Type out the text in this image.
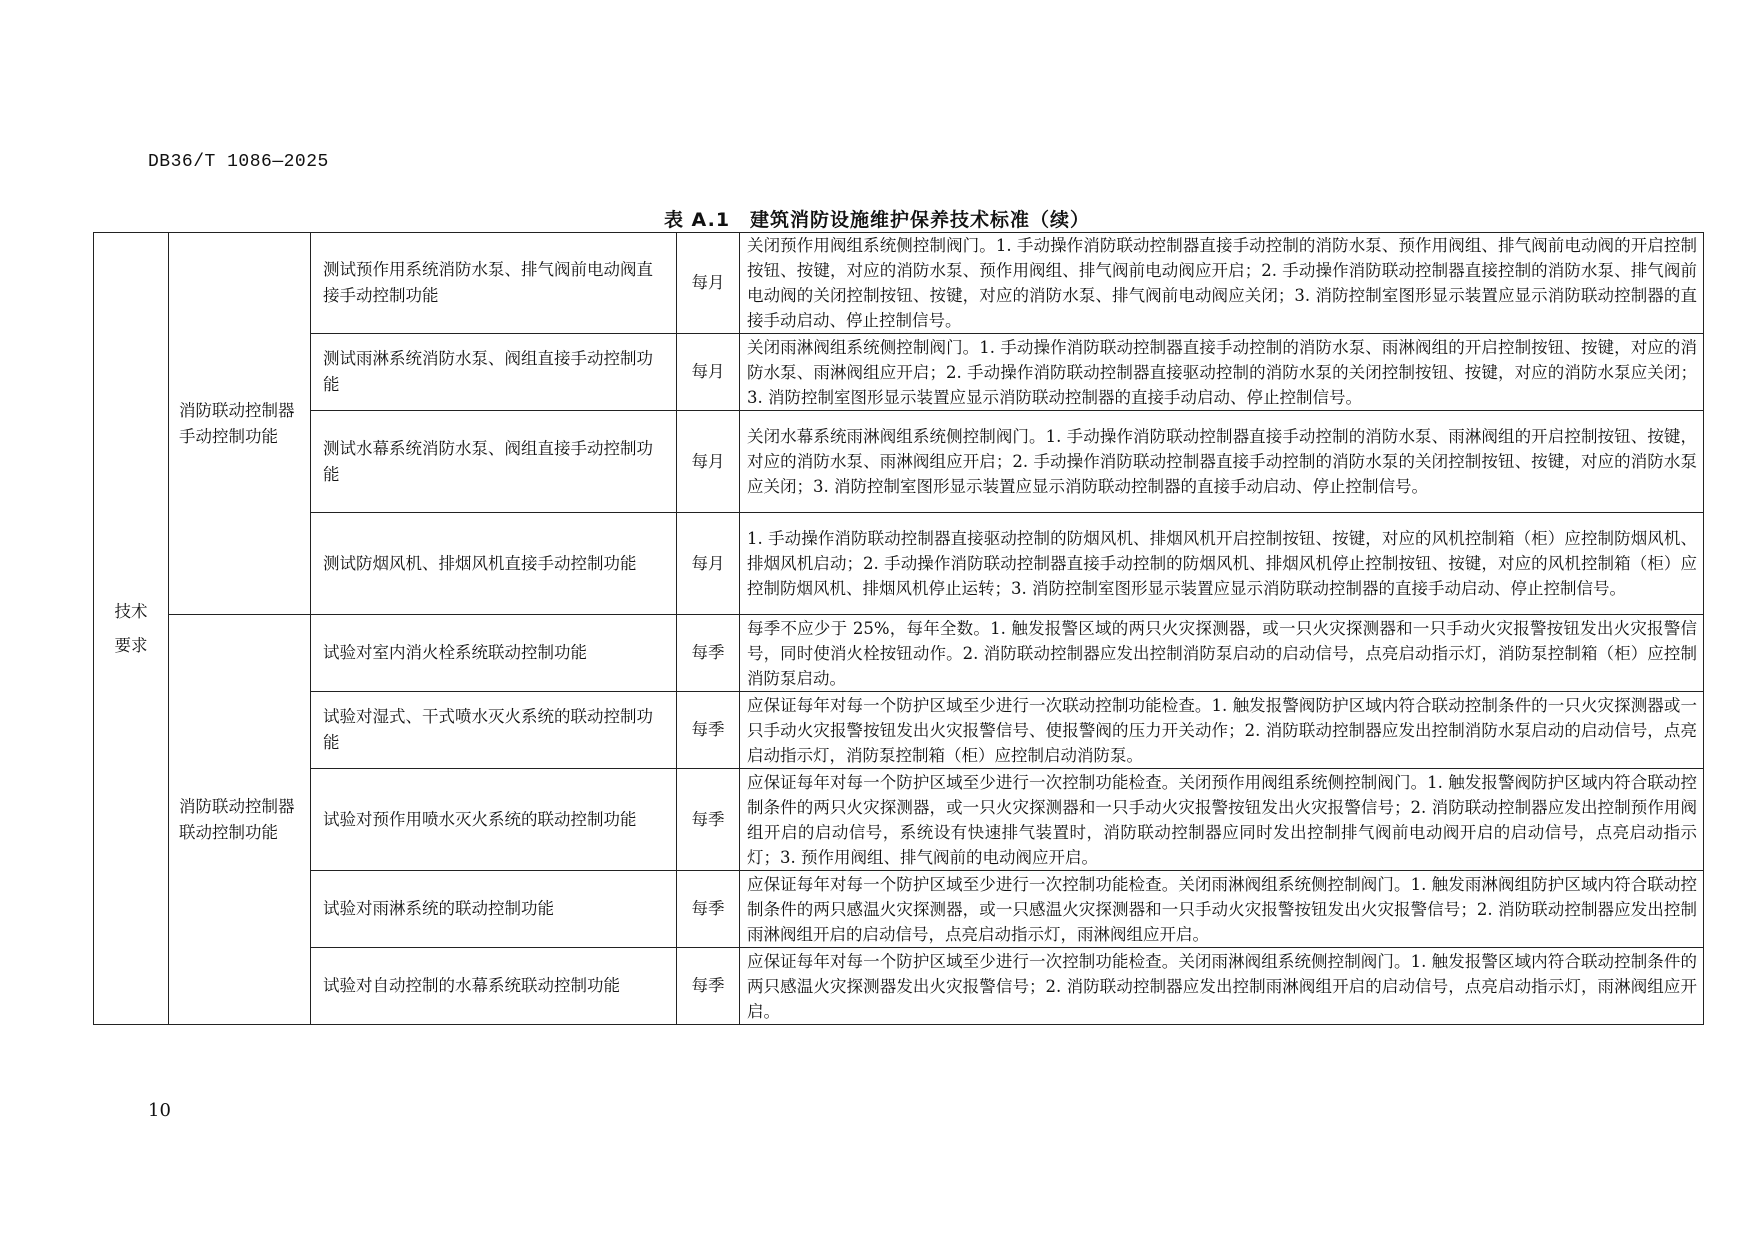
DB36/T 1086—2025
表 A.1　建筑消防设施维护保养技术标准（续）
技术要求	消防联动控制器手动控制功能	测试预作用系统消防水泵、排气阀前电动阀直接手动控制功能	每月	关闭预作用阀组系统侧控制阀门。1. 手动操作消防联动控制器直接手动控制的消防水泵、预作用阀组、排气阀前电动阀的开启控制按钮、按键，对应的消防水泵、预作用阀组、排气阀前电动阀应开启；2. 手动操作消防联动控制器直接控制的消防水泵、排气阀前电动阀的关闭控制按钮、按键，对应的消防水泵、排气阀前电动阀应关闭；3. 消防控制室图形显示装置应显示消防联动控制器的直接手动启动、停止控制信号。
		测试雨淋系统消防水泵、阀组直接手动控制功能	每月	关闭雨淋阀组系统侧控制阀门。1. 手动操作消防联动控制器直接手动控制的消防水泵、雨淋阀组的开启控制按钮、按键，对应的消防水泵、雨淋阀组应开启；2. 手动操作消防联动控制器直接驱动控制的消防水泵的关闭控制按钮、按键，对应的消防水泵应关闭；3. 消防控制室图形显示装置应显示消防联动控制器的直接手动启动、停止控制信号。
		测试水幕系统消防水泵、阀组直接手动控制功能	每月	关闭水幕系统雨淋阀组系统侧控制阀门。1. 手动操作消防联动控制器直接手动控制的消防水泵、雨淋阀组的开启控制按钮、按键，对应的消防水泵、雨淋阀组应开启；2. 手动操作消防联动控制器直接手动控制的消防水泵的关闭控制按钮、按键，对应的消防水泵应关闭；3. 消防控制室图形显示装置应显示消防联动控制器的直接手动启动、停止控制信号。
		测试防烟风机、排烟风机直接手动控制功能	每月	1. 手动操作消防联动控制器直接驱动控制的防烟风机、排烟风机开启控制按钮、按键，对应的风机控制箱（柜）应控制防烟风机、排烟风机启动；2. 手动操作消防联动控制器直接手动控制的防烟风机、排烟风机停止控制按钮、按键，对应的风机控制箱（柜）应控制防烟风机、排烟风机停止运转；3. 消防控制室图形显示装置应显示消防联动控制器的直接手动启动、停止控制信号。
	消防联动控制器联动控制功能	试验对室内消火栓系统联动控制功能	每季	每季不应少于 25%，每年全数。1. 触发报警区域的两只火灾探测器，或一只火灾探测器和一只手动火灾报警按钮发出火灾报警信号，同时使消火栓按钮动作。2. 消防联动控制器应发出控制消防泵启动的启动信号，点亮启动指示灯，消防泵控制箱（柜）应控制消防泵启动。
		试验对湿式、干式喷水灭火系统的联动控制功能	每季	应保证每年对每一个防护区域至少进行一次联动控制功能检查。1. 触发报警阀防护区域内符合联动控制条件的一只火灾探测器或一只手动火灾报警按钮发出火灾报警信号、使报警阀的压力开关动作；2. 消防联动控制器应发出控制消防水泵启动的启动信号，点亮启动指示灯，消防泵控制箱（柜）应控制启动消防泵。
		试验对预作用喷水灭火系统的联动控制功能	每季	应保证每年对每一个防护区域至少进行一次控制功能检查。关闭预作用阀组系统侧控制阀门。1. 触发报警阀防护区域内符合联动控制条件的两只火灾探测器，或一只火灾探测器和一只手动火灾报警按钮发出火灾报警信号；2. 消防联动控制器应发出控制预作用阀组开启的启动信号，系统设有快速排气装置时，消防联动控制器应同时发出控制排气阀前电动阀开启的启动信号，点亮启动指示灯；3. 预作用阀组、排气阀前的电动阀应开启。
		试验对雨淋系统的联动控制功能	每季	应保证每年对每一个防护区域至少进行一次控制功能检查。关闭雨淋阀组系统侧控制阀门。1. 触发雨淋阀组防护区域内符合联动控制条件的两只感温火灾探测器，或一只感温火灾探测器和一只手动火灾报警按钮发出火灾报警信号；2. 消防联动控制器应发出控制雨淋阀组开启的启动信号，点亮启动指示灯，雨淋阀组应开启。
		试验对自动控制的水幕系统联动控制功能	每季	应保证每年对每一个防护区域至少进行一次控制功能检查。关闭雨淋阀组系统侧控制阀门。1. 触发报警区域内符合联动控制条件的两只感温火灾探测器发出火灾报警信号；2. 消防联动控制器应发出控制雨淋阀组开启的启动信号，点亮启动指示灯，雨淋阀组应开启。
10
